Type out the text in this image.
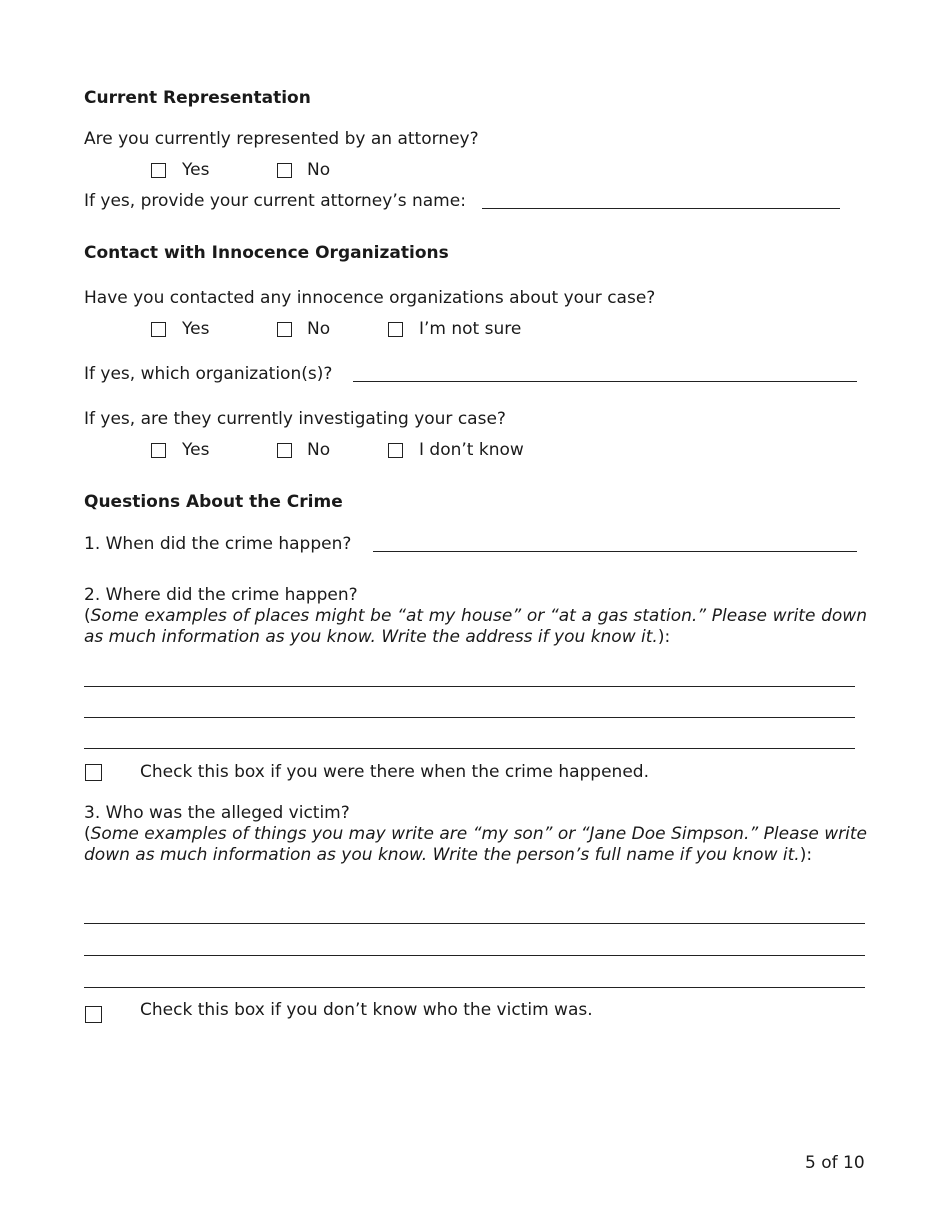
Current Representation
Are you currently represented by an attorney?
Yes	No
If yes, provide your current attorney’s name:
Contact with Innocence Organizations
Have you contacted any innocence organizations about your case?
Yes	No	I’m not sure
If yes, which organization(s)?
If yes, are they currently investigating your case?
Yes	No	I don’t know
Questions About the Crime
1. When did the crime happen?
2. Where did the crime happen?
(Some examples of places might be “at my house” or “at a gas station.” Please write down as much information as you know. Write the address if you know it.):
Check this box if you were there when the crime happened.
3. Who was the alleged victim?
(Some examples of things you may write are “my son” or “Jane Doe Simpson.” Please write down as much information as you know. Write the person’s full name if you know it.):
Check this box if you don’t know who the victim was.
5 of 10
